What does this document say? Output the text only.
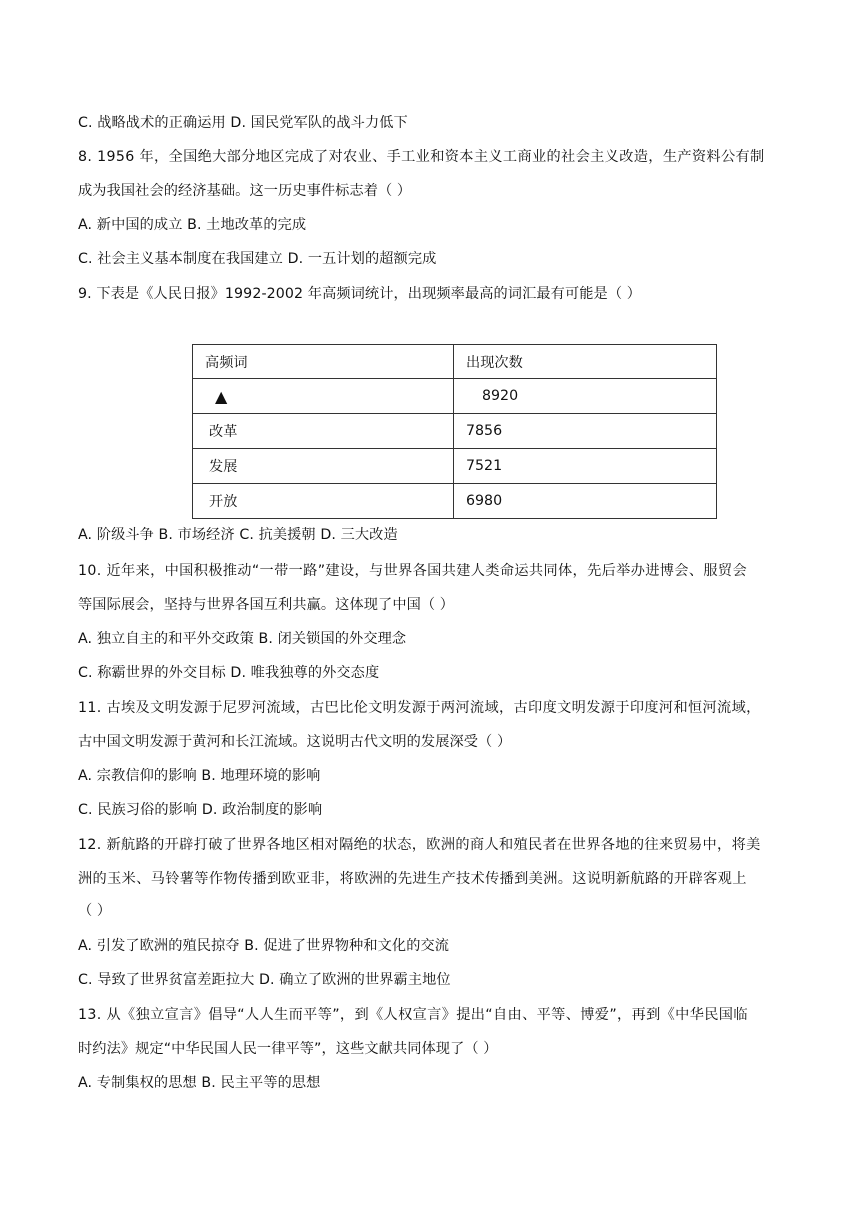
C. 战略战术的正确运用 D. 国民党军队的战斗力低下
8. 1956 年，全国绝大部分地区完成了对农业、手工业和资本主义工商业的社会主义改造，生产资料公有制
成为我国社会的经济基础。这一历史事件标志着（ ）
A. 新中国的成立 B. 土地改革的完成
C. 社会主义基本制度在我国建立 D. 一五计划的超额完成
9. 下表是《人民日报》1992-2002 年高频词统计，出现频率最高的词汇最有可能是（ ）
高频词	出现次数
▲	8920
改革	7856
发展	7521
开放	6980
A. 阶级斗争 B. 市场经济 C. 抗美援朝 D. 三大改造
10. 近年来，中国积极推动“一带一路”建设，与世界各国共建人类命运共同体，先后举办进博会、服贸会
等国际展会，坚持与世界各国互利共赢。这体现了中国（ ）
A. 独立自主的和平外交政策 B. 闭关锁国的外交理念
C. 称霸世界的外交目标 D. 唯我独尊的外交态度
11. 古埃及文明发源于尼罗河流域，古巴比伦文明发源于两河流域，古印度文明发源于印度河和恒河流域，
古中国文明发源于黄河和长江流域。这说明古代文明的发展深受（ ）
A. 宗教信仰的影响 B. 地理环境的影响
C. 民族习俗的影响 D. 政治制度的影响
12. 新航路的开辟打破了世界各地区相对隔绝的状态，欧洲的商人和殖民者在世界各地的往来贸易中，将美
洲的玉米、马铃薯等作物传播到欧亚非，将欧洲的先进生产技术传播到美洲。这说明新航路的开辟客观上
（ ）
A. 引发了欧洲的殖民掠夺 B. 促进了世界物种和文化的交流
C. 导致了世界贫富差距拉大 D. 确立了欧洲的世界霸主地位
13. 从《独立宣言》倡导“人人生而平等”，到《人权宣言》提出“自由、平等、博爱”，再到《中华民国临
时约法》规定“中华民国人民一律平等”，这些文献共同体现了（ ）
A. 专制集权的思想 B. 民主平等的思想
